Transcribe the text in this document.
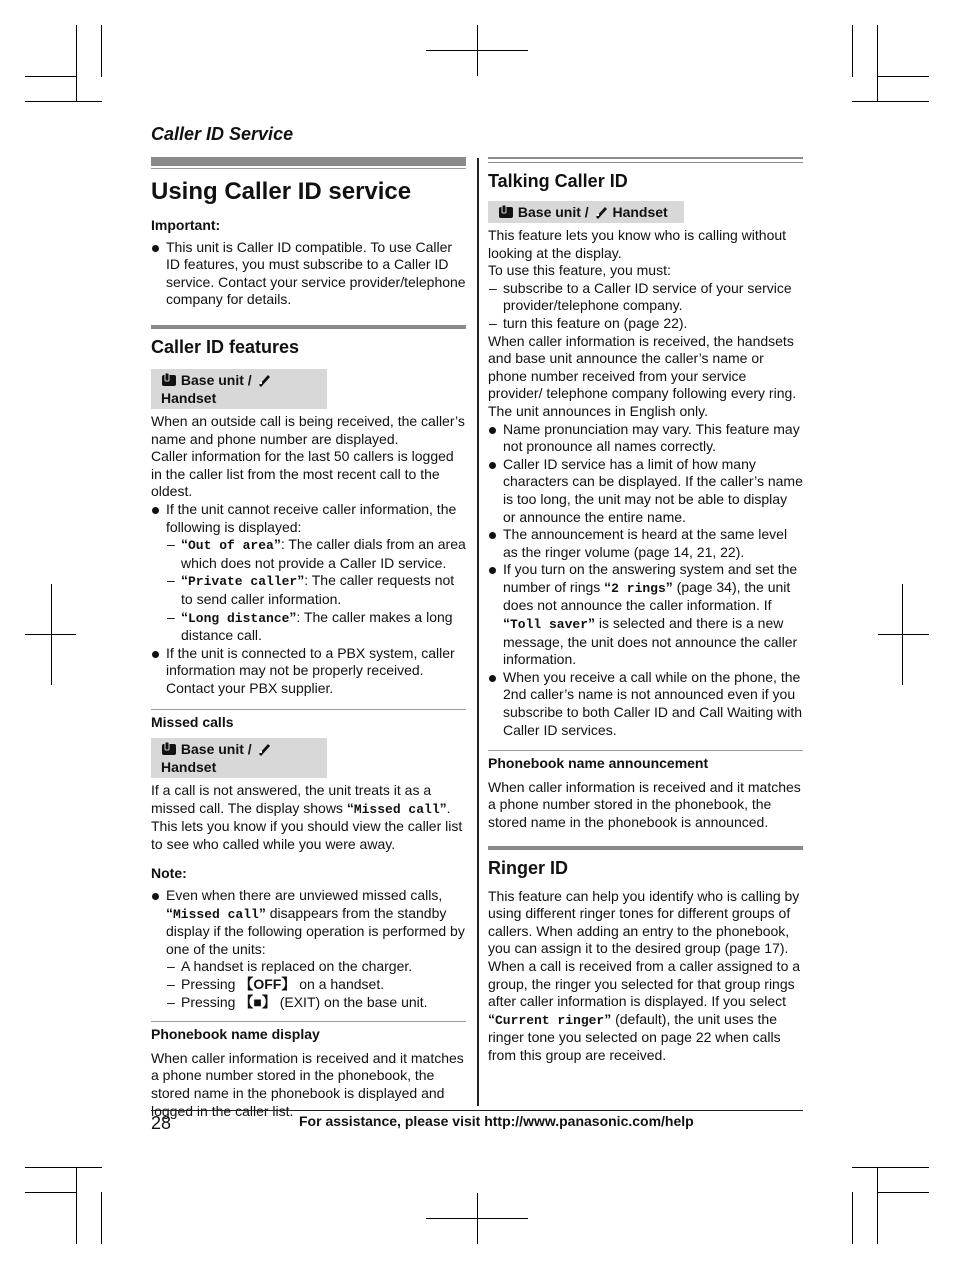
Caller ID Service
Using Caller ID service
Important:
This unit is Caller ID compatible. To use Caller ID features, you must subscribe to a Caller ID service. Contact your service provider/telephone company for details.
Caller ID features
Base unit /  Handset

When an outside call is being received, the caller’s name and phone number are displayed.

Caller information for the last 50 callers is logged in the caller list from the most recent call to the oldest.

If the unit cannot receive caller information, the following is displayed:
– “Out of area”: The caller dials from an area which does not provide a Caller ID service.
– “Private caller”: The caller requests not to send caller information.
– “Long distance”: The caller makes a long distance call.
If the unit is connected to a PBX system, caller information may not be properly received. Contact your PBX supplier.
Missed calls
Base unit /  Handset

If a call is not answered, the unit treats it as a missed call. The display shows “Missed call”. This lets you know if you should view the caller list to see who called while you were away.

Note:
Even when there are unviewed missed calls, “Missed call” disappears from the standby display if the following operation is performed by one of the units:
– A handset is replaced on the charger.
– Pressing 【OFF】 on a handset.
– Pressing 【■】 (EXIT) on the base unit.
Phonebook name display

When caller information is received and it matches a phone number stored in the phonebook, the stored name in the phonebook is displayed and logged in the caller list.

Talking Caller ID
Base unit / Handset

This feature lets you know who is calling without looking at the display.

To use this feature, you must:

– subscribe to a Caller ID service of your service provider/telephone company.
– turn this feature on (page 22).

When caller information is received, the handsets and base unit announce the caller’s name or phone number received from your service provider/ telephone company following every ring.

The unit announces in English only.

Name pronunciation may vary. This feature may not pronounce all names correctly.
Caller ID service has a limit of how many characters can be displayed. If the caller’s name is too long, the unit may not be able to display or announce the entire name.
The announcement is heard at the same level as the ringer volume (page 14, 21, 22).
If you turn on the answering system and set the number of rings “2 rings” (page 34), the unit does not announce the caller information. If “Toll saver” is selected and there is a new message, the unit does not announce the caller information.
When you receive a call while on the phone, the 2nd caller’s name is not announced even if you subscribe to both Caller ID and Call Waiting with Caller ID services.
Phonebook name announcement

When caller information is received and it matches a phone number stored in the phonebook, the stored name in the phonebook is announced.

Ringer ID

This feature can help you identify who is calling by using different ringer tones for different groups of callers. When adding an entry to the phonebook, you can assign it to the desired group (page 17). When a call is received from a caller assigned to a group, the ringer you selected for that group rings after caller information is displayed. If you select “Current ringer” (default), the unit uses the ringer tone you selected on page 22 when calls from this group are received.

28	For assistance, please visit http://www.panasonic.com/help
